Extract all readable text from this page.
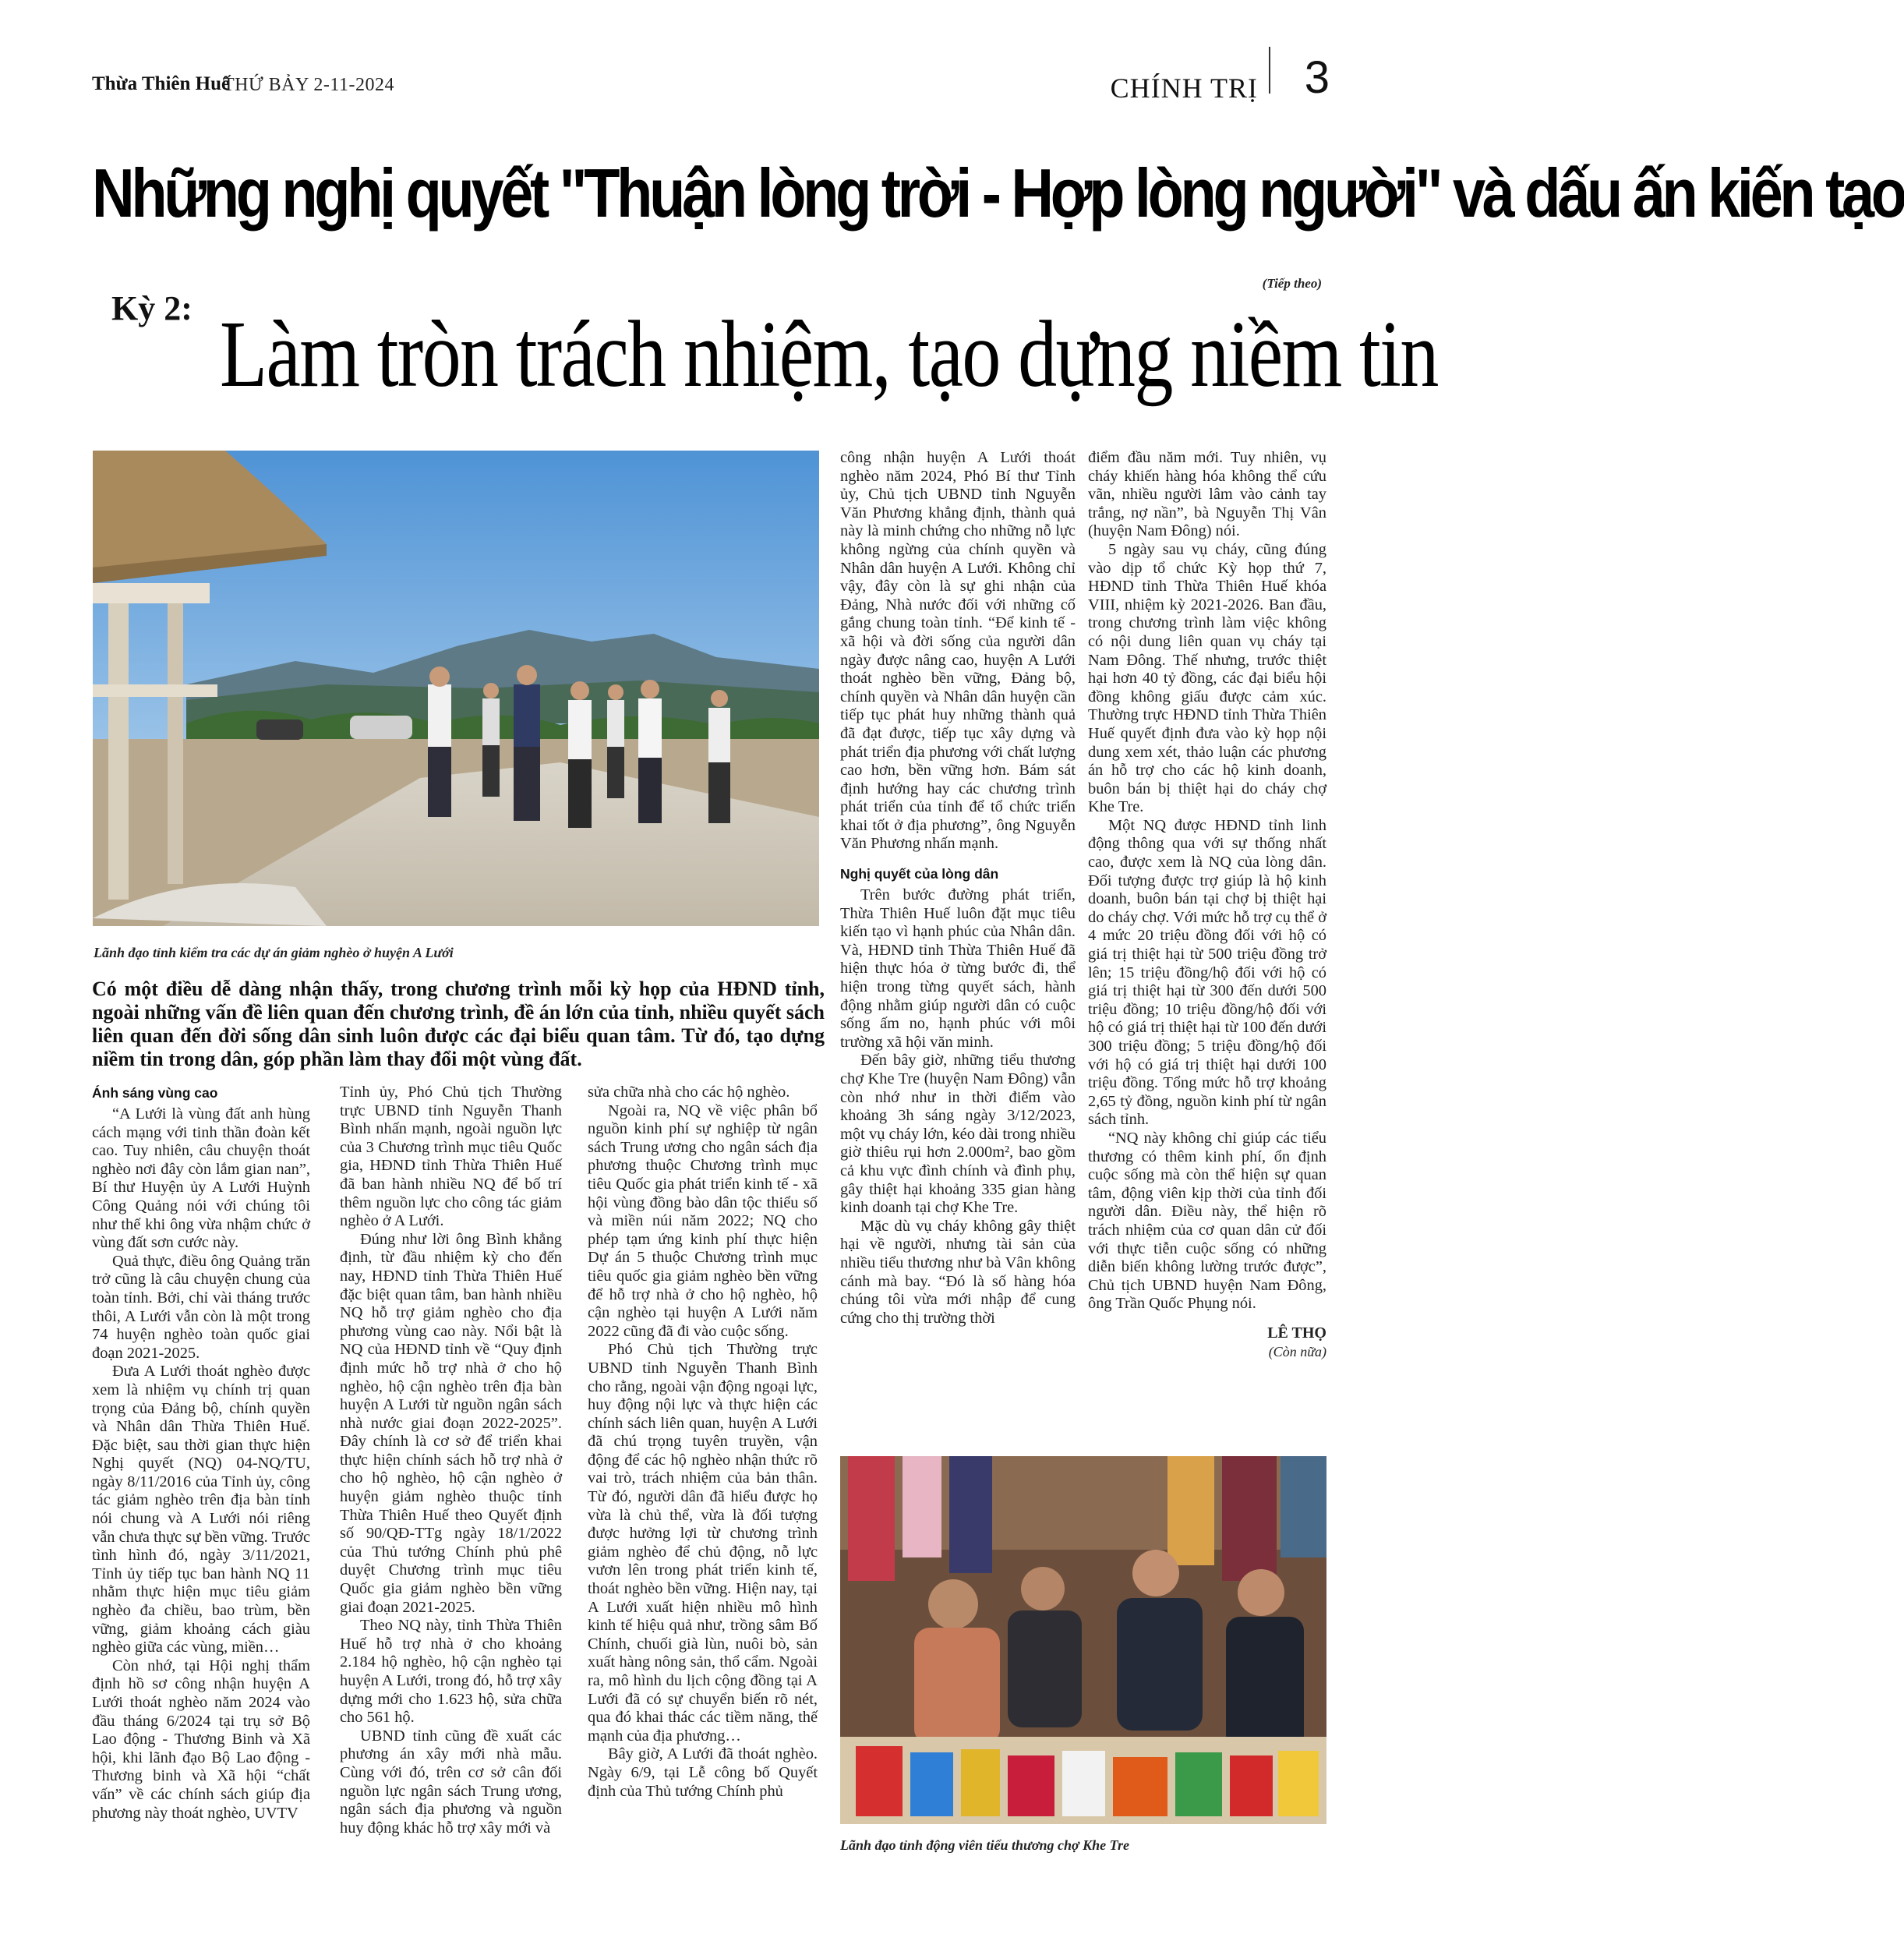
Thừa Thiên Huế
THỨ BẢY 2-11-2024	CHÍNH TRỊ 3
Những nghị quyết "Thuận lòng trời - Hợp lòng người" và dấu ấn kiến tạo
(Tiếp theo)
Kỳ 2: Làm tròn trách nhiệm, tạo dựng niềm tin
Lãnh đạo tỉnh kiểm tra các dự án giảm nghèo ở huyện A Lưới
Có một điều dễ dàng nhận thấy, trong chương trình mỗi kỳ họp của HĐND tỉnh, ngoài những vấn đề liên quan đến chương trình, đề án lớn của tỉnh, nhiều quyết sách liên quan đến đời sống dân sinh luôn được các đại biểu quan tâm. Từ đó, tạo dựng niềm tin trong dân, góp phần làm thay đổi một vùng đất.

Ánh sáng vùng cao

“A Lưới là vùng đất anh hùng cách mạng với tinh thần đoàn kết cao. Tuy nhiên, câu chuyện thoát nghèo nơi đây còn lắm gian nan”, Bí thư Huyện ủy A Lưới Huỳnh Công Quảng nói với chúng tôi như thế khi ông vừa nhậm chức ở vùng đất sơn cước này.

Quả thực, điều ông Quảng trăn trở cũng là câu chuyện chung của toàn tỉnh. Bởi, chỉ vài tháng trước thôi, A Lưới vẫn còn là một trong 74 huyện nghèo toàn quốc giai đoạn 2021-2025.

Đưa A Lưới thoát nghèo được xem là nhiệm vụ chính trị quan trọng của Đảng bộ, chính quyền và Nhân dân Thừa Thiên Huế. Đặc biệt, sau thời gian thực hiện Nghị quyết (NQ) 04-NQ/TU, ngày 8/11/2016 của Tỉnh ủy, công tác giảm nghèo trên địa bàn tỉnh nói chung và A Lưới nói riêng vẫn chưa thực sự bền vững. Trước tình hình đó, ngày 3/11/2021, Tỉnh ủy tiếp tục ban hành NQ 11 nhằm thực hiện mục tiêu giảm nghèo đa chiều, bao trùm, bền vững, giảm khoảng cách giàu nghèo giữa các vùng, miền…

Còn nhớ, tại Hội nghị thẩm định hồ sơ công nhận huyện A Lưới thoát nghèo năm 2024 vào đầu tháng 6/2024 tại trụ sở Bộ Lao động - Thương Binh và Xã hội, khi lãnh đạo Bộ Lao động - Thương binh và Xã hội “chất vấn” về các chính sách giúp địa phương này thoát nghèo, UVTV

Tỉnh ủy, Phó Chủ tịch Thường trực UBND tỉnh Nguyễn Thanh Bình nhấn mạnh, ngoài nguồn lực của 3 Chương trình mục tiêu Quốc gia, HĐND tỉnh Thừa Thiên Huế đã ban hành nhiều NQ để bố trí thêm nguồn lực cho công tác giảm nghèo ở A Lưới.

Đúng như lời ông Bình khẳng định, từ đầu nhiệm kỳ cho đến nay, HĐND tỉnh Thừa Thiên Huế đặc biệt quan tâm, ban hành nhiều NQ hỗ trợ giảm nghèo cho địa phương vùng cao này. Nổi bật là NQ của HĐND tỉnh về “Quy định định mức hỗ trợ nhà ở cho hộ nghèo, hộ cận nghèo trên địa bàn huyện A Lưới từ nguồn ngân sách nhà nước giai đoạn 2022-2025”. Đây chính là cơ sở để triển khai thực hiện chính sách hỗ trợ nhà ở cho hộ nghèo, hộ cận nghèo ở huyện giảm nghèo thuộc tỉnh Thừa Thiên Huế theo Quyết định số 90/QĐ-TTg ngày 18/1/2022 của Thủ tướng Chính phủ phê duyệt Chương trình mục tiêu Quốc gia giảm nghèo bền vững giai đoạn 2021-2025.

Theo NQ này, tỉnh Thừa Thiên Huế hỗ trợ nhà ở cho khoảng 2.184 hộ nghèo, hộ cận nghèo tại huyện A Lưới, trong đó, hỗ trợ xây dựng mới cho 1.623 hộ, sửa chữa cho 561 hộ.

UBND tỉnh cũng đề xuất các phương án xây mới nhà mẫu. Cùng với đó, trên cơ sở cân đối nguồn lực ngân sách Trung ương, ngân sách địa phương và nguồn huy động khác hỗ trợ xây mới và

sửa chữa nhà cho các hộ nghèo.

Ngoài ra, NQ về việc phân bổ nguồn kinh phí sự nghiệp từ ngân sách Trung ương cho ngân sách địa phương thuộc Chương trình mục tiêu Quốc gia phát triển kinh tế - xã hội vùng đồng bào dân tộc thiểu số và miền núi năm 2022; NQ cho phép tạm ứng kinh phí thực hiện Dự án 5 thuộc Chương trình mục tiêu quốc gia giảm nghèo bền vững để hỗ trợ nhà ở cho hộ nghèo, hộ cận nghèo tại huyện A Lưới năm 2022 cũng đã đi vào cuộc sống.

Phó Chủ tịch Thường trực UBND tỉnh Nguyễn Thanh Bình cho rằng, ngoài vận động ngoại lực, huy động nội lực và thực hiện các chính sách liên quan, huyện A Lưới đã chú trọng tuyên truyền, vận động để các hộ nghèo nhận thức rõ vai trò, trách nhiệm của bản thân. Từ đó, người dân đã hiểu được họ vừa là chủ thể, vừa là đối tượng được hưởng lợi từ chương trình giảm nghèo để chủ động, nỗ lực vươn lên trong phát triển kinh tế, thoát nghèo bền vững. Hiện nay, tại A Lưới xuất hiện nhiều mô hình kinh tế hiệu quả như, trồng sâm Bố Chính, chuối già lùn, nuôi bò, sản xuất hàng nông sản, thổ cẩm. Ngoài ra, mô hình du lịch cộng đồng tại A Lưới đã có sự chuyển biến rõ nét, qua đó khai thác các tiềm năng, thế mạnh của địa phương…

Bây giờ, A Lưới đã thoát nghèo. Ngày 6/9, tại Lễ công bố Quyết định của Thủ tướng Chính phủ

công nhận huyện A Lưới thoát nghèo năm 2024, Phó Bí thư Tỉnh ủy, Chủ tịch UBND tỉnh Nguyễn Văn Phương khẳng định, thành quả này là minh chứng cho những nỗ lực không ngừng của chính quyền và Nhân dân huyện A Lưới. Không chỉ vậy, đây còn là sự ghi nhận của Đảng, Nhà nước đối với những cố gắng chung toàn tỉnh. “Để kinh tế - xã hội và đời sống của người dân ngày được nâng cao, huyện A Lưới thoát nghèo bền vững, Đảng bộ, chính quyền và Nhân dân huyện cần tiếp tục phát huy những thành quả đã đạt được, tiếp tục xây dựng và phát triển địa phương với chất lượng cao hơn, bền vững hơn. Bám sát định hướng hay các chương trình phát triển của tỉnh để tổ chức triển khai tốt ở địa phương”, ông Nguyễn Văn Phương nhấn mạnh.

Nghị quyết của lòng dân

Trên bước đường phát triển, Thừa Thiên Huế luôn đặt mục tiêu kiến tạo vì hạnh phúc của Nhân dân. Và, HĐND tỉnh Thừa Thiên Huế đã hiện thực hóa ở từng bước đi, thể hiện trong từng quyết sách, hành động nhằm giúp người dân có cuộc sống ấm no, hạnh phúc với môi trường xã hội văn minh.

Đến bây giờ, những tiểu thương chợ Khe Tre (huyện Nam Đông) vẫn còn nhớ như in thời điểm vào khoảng 3h sáng ngày 3/12/2023, một vụ cháy lớn, kéo dài trong nhiều giờ thiêu rụi hơn 2.000m², bao gồm cả khu vực đình chính và đình phụ, gây thiệt hại khoảng 335 gian hàng kinh doanh tại chợ Khe Tre.

Mặc dù vụ cháy không gây thiệt hại về người, nhưng tài sản của nhiều tiểu thương như bà Vân không cánh mà bay. “Đó là số hàng hóa chúng tôi vừa mới nhập để cung cứng cho thị trường thời

điểm đầu năm mới. Tuy nhiên, vụ cháy khiến hàng hóa không thể cứu vãn, nhiều người lâm vào cảnh tay trắng, nợ nần”, bà Nguyễn Thị Vân (huyện Nam Đông) nói.

5 ngày sau vụ cháy, cũng đúng vào dịp tổ chức Kỳ họp thứ 7, HĐND tỉnh Thừa Thiên Huế khóa VIII, nhiệm kỳ 2021-2026. Ban đầu, trong chương trình làm việc không có nội dung liên quan vụ cháy tại Nam Đông. Thế nhưng, trước thiệt hại hơn 40 tỷ đồng, các đại biểu hội đồng không giấu được cảm xúc. Thường trực HĐND tỉnh Thừa Thiên Huế quyết định đưa vào kỳ họp nội dung xem xét, thảo luận các phương án hỗ trợ cho các hộ kinh doanh, buôn bán bị thiệt hại do cháy chợ Khe Tre.

Một NQ được HĐND tỉnh linh động thông qua với sự thống nhất cao, được xem là NQ của lòng dân. Đối tượng được trợ giúp là hộ kinh doanh, buôn bán tại chợ bị thiệt hại do cháy chợ. Với mức hỗ trợ cụ thể ở 4 mức 20 triệu đồng đối với hộ có giá trị thiệt hại từ 500 triệu đồng trở lên; 15 triệu đồng/hộ đối với hộ có giá trị thiệt hại từ 300 đến dưới 500 triệu đồng; 10 triệu đồng/hộ đối với hộ có giá trị thiệt hại từ 100 đến dưới 300 triệu đồng; 5 triệu đồng/hộ đối với hộ có giá trị thiệt hại dưới 100 triệu đồng. Tổng mức hỗ trợ khoảng 2,65 tỷ đồng, nguồn kinh phí từ ngân sách tỉnh.

“NQ này không chỉ giúp các tiểu thương có thêm kinh phí, ổn định cuộc sống mà còn thể hiện sự quan tâm, động viên kịp thời của tỉnh đối người dân. Điều này, thể hiện rõ trách nhiệm của cơ quan dân cử đối với thực tiễn cuộc sống có những diễn biến không lường trước được”, Chủ tịch UBND huyện Nam Đông, ông Trần Quốc Phụng nói.

LÊ THỌ

(Còn nữa)

Lãnh đạo tỉnh động viên tiểu thương chợ Khe Tre
